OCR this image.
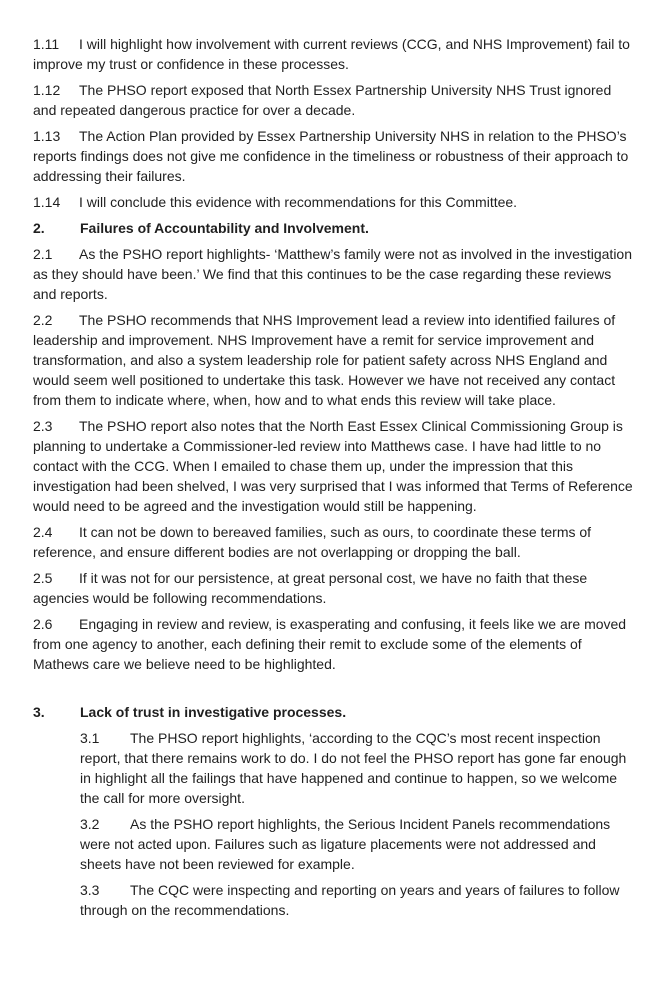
1.11 I will highlight how involvement with current reviews (CCG, and NHS Improvement) fail to improve my trust or confidence in these processes.

1.12 The PHSO report exposed that North Essex Partnership University NHS Trust ignored and repeated dangerous practice for over a decade.

1.13 The Action Plan provided by Essex Partnership University NHS in relation to the PHSO’s reports findings does not give me confidence in the timeliness or robustness of their approach to addressing their failures.

1.14 I will conclude this evidence with recommendations for this Committee.

2.	Failures of Accountability and Involvement.

2.1 As the PSHO report highlights- ‘Matthew’s family were not as involved in the investigation as they should have been.’ We find that this continues to be the case regarding these reviews and reports.

2.2 The PSHO recommends that NHS Improvement lead a review into identified failures of leadership and improvement. NHS Improvement have a remit for service improvement and transformation, and also a system leadership role for patient safety across NHS England and would seem well positioned to undertake this task. However we have not received any contact from them to indicate where, when, how and to what ends this review will take place.

2.3 The PSHO report also notes that the North East Essex Clinical Commissioning Group is planning to undertake a Commissioner-led review into Matthews case. I have had little to no contact with the CCG. When I emailed to chase them up, under the impression that this investigation had been shelved, I was very surprised that I was informed that Terms of Reference would need to be agreed and the investigation would still be happening.

2.4 It can not be down to bereaved families, such as ours, to coordinate these terms of reference, and ensure different bodies are not overlapping or dropping the ball.

2.5 If it was not for our persistence, at great personal cost, we have no faith that these agencies would be following recommendations.

2.6 Engaging in review and review, is exasperating and confusing, it feels like we are moved from one agency to another, each defining their remit to exclude some of the elements of Mathews care we believe need to be highlighted.

3.	Lack of trust in investigative processes.

3.1 The PHSO report highlights, ‘according to the CQC’s most recent inspection report, that there remains work to do. I do not feel the PHSO report has gone far enough in highlight all the failings that have happened and continue to happen, so we welcome the call for more oversight.

3.2 As the PSHO report highlights, the Serious Incident Panels recommendations were not acted upon. Failures such as ligature placements were not addressed and sheets have not been reviewed for example.

3.3 The CQC were inspecting and reporting on years and years of failures to follow through on the recommendations.
